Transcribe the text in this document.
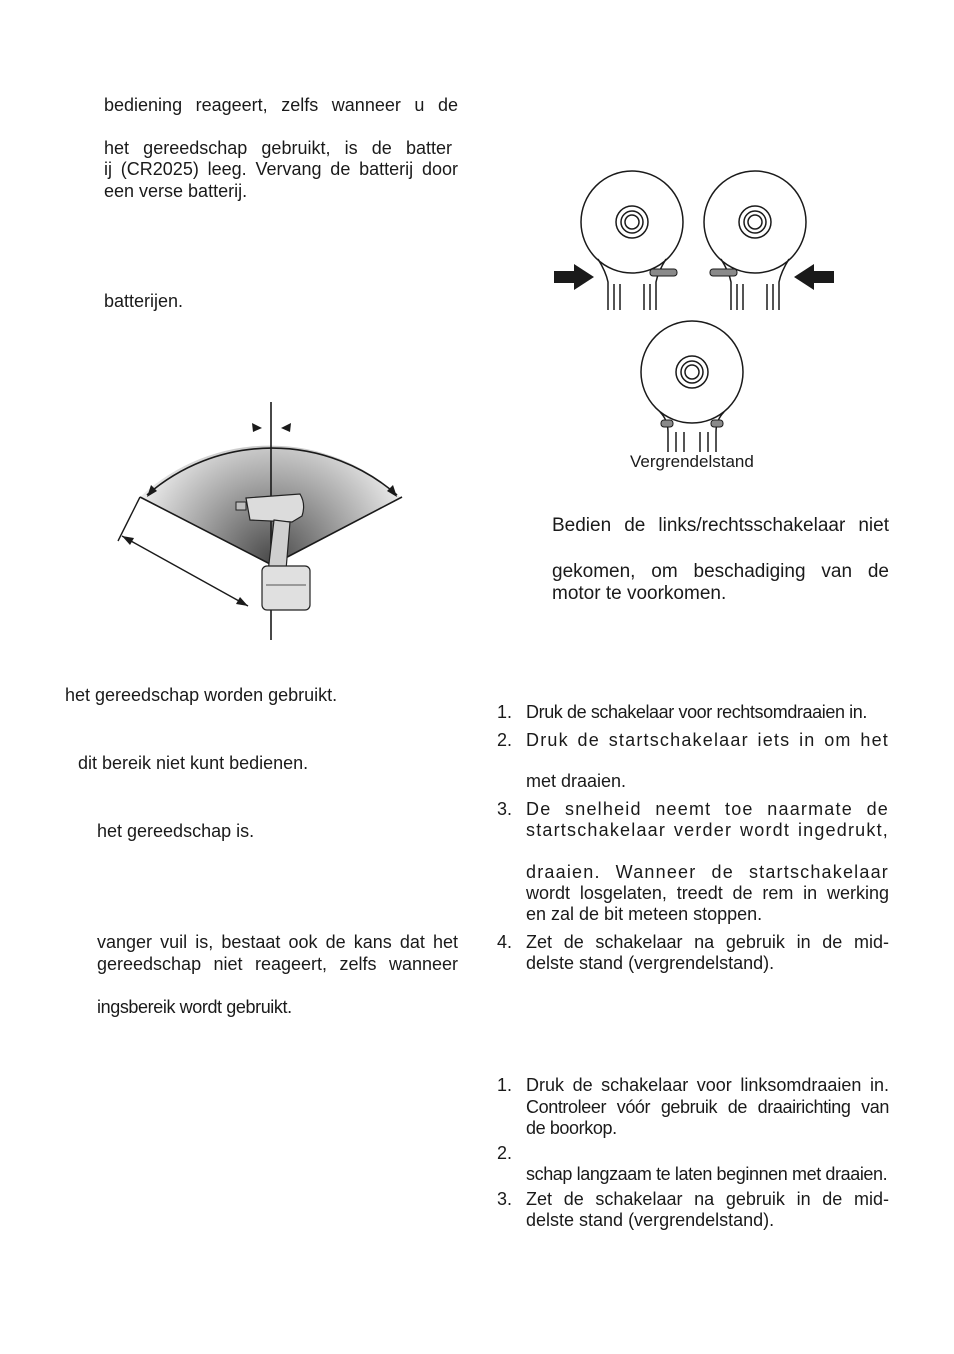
bediening reageert, zelfs wanneer u de
het gereedschap gebruikt, is de batter
ij (CR2025) leeg. Vervang de batterij door
een verse batterij.
batterijen.
het gereedschap worden gebruikt.
dit bereik niet kunt bedienen.
het gereedschap is.
vanger vuil is, bestaat ook de kans dat het
gereedschap niet reageert, zelfs wanneer
ingsbereik wordt gebruikt.
Vergrendelstand
Bedien de links/rechtsschakelaar niet
gekomen, om beschadiging van de
motor te voorkomen.
1. Druk de schakelaar voor rechtsomdraaien in.
2. Druk de startschakelaar iets in om het
met draaien.
3. De snelheid neemt toe naarmate de
startschakelaar verder wordt ingedrukt,
draaien. Wanneer de startschakelaar
wordt losgelaten, treedt de rem in werking
en zal de bit meteen stoppen.
4. Zet de schakelaar na gebruik in de mid-
delste stand (vergrendelstand).
1. Druk de schakelaar voor linksomdraaien in.
Controleer vóór gebruik de draairichting van
de boorkop.
2.
schap langzaam te laten beginnen met draaien.
3. Zet de schakelaar na gebruik in de mid-
delste stand (vergrendelstand).
